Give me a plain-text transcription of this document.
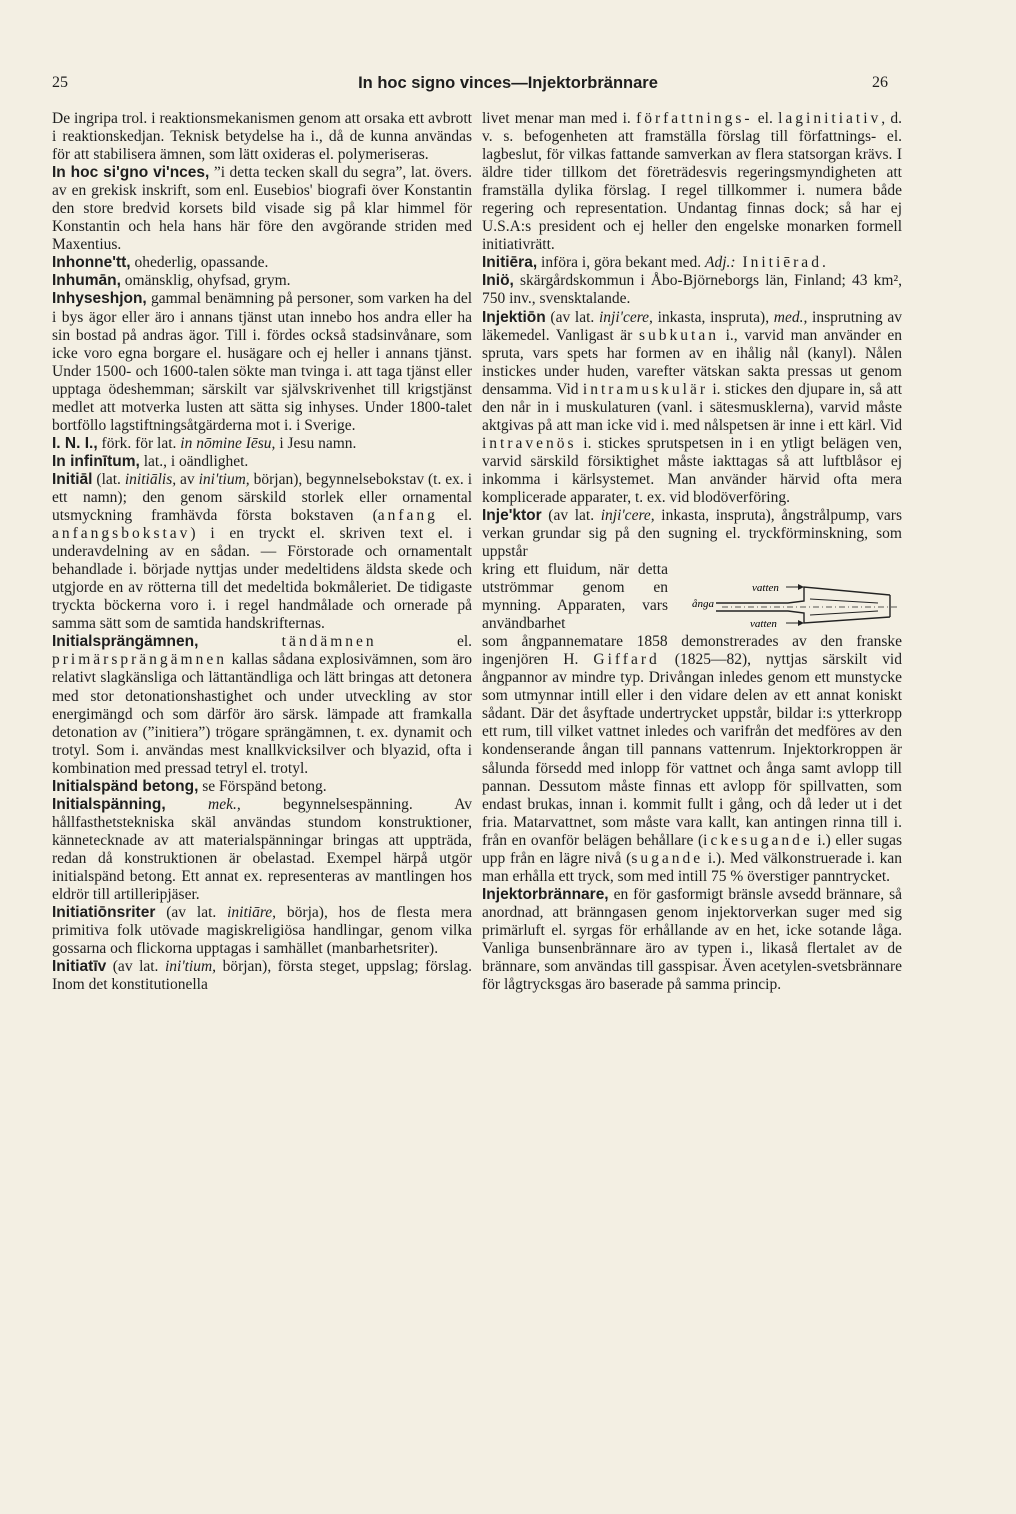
25	In hoc signo vinces—Injektorbrännare	26

De ingripa trol. i reaktionsmekanismen genom att orsaka ett avbrott i reaktionskedjan. Teknisk betydelse ha i., då de kunna användas för att stabilisera ämnen, som lätt oxideras el. polymeriseras.

In hoc si'gno vi'nces, ”i detta tecken skall du segra”, lat. övers. av en grekisk inskrift, som enl. Eusebios' biografi över Konstantin den store bredvid korsets bild visade sig på klar himmel för Konstantin och hela hans här före den avgörande striden med Maxentius.

Inhonne'tt, ohederlig, opassande.

Inhumān, omänsklig, ohyfsad, grym.

Inhyseshjon, gammal benämning på personer, som varken ha del i bys ägor eller äro i annans tjänst utan innebo hos andra eller ha sin bostad på andras ägor. Till i. fördes också stadsinvånare, som icke voro egna borgare el. husägare och ej heller i annans tjänst. Under 1500- och 1600-talen sökte man tvinga i. att taga tjänst eller upptaga ödeshemman; särskilt var självskrivenhet till krigstjänst medlet att motverka lusten att sätta sig inhyses. Under 1800-talet bortföllo lagstiftningsåtgärderna mot i. i Sverige.

I. N. I., förk. för lat. in nōmine Iēsu, i Jesu namn.

In infinītum, lat., i oändlighet.

Initiāl (lat. initiālis, av ini'tium, början), begynnelsebokstav (t. ex. i ett namn); den genom särskild storlek eller ornamental utsmyckning framhävda första bokstaven (anfang el. anfangsbokstav) i en tryckt el. skriven text el. i underavdelning av en sådan. — Förstorade och ornamentalt behandlade i. började nyttjas under medeltidens äldsta skede och utgjorde en av rötterna till det medeltida bokmåleriet. De tidigaste tryckta böckerna voro i. i regel handmålade och ornerade på samma sätt som de samtida handskrifternas.

Initialsprängämnen, tändämnen el. primärsprängämnen kallas sådana explosivämnen, som äro relativt slagkänsliga och lättantändliga och lätt bringas att detonera med stor detonationshastighet och under utveckling av stor energimängd och som därför äro särsk. lämpade att framkalla detonation av (”initiera”) trögare sprängämnen, t. ex. dynamit och trotyl. Som i. användas mest knallkvicksilver och blyazid, ofta i kombination med pressad tetryl el. trotyl.

Initialspänd betong, se Förspänd betong.

Initialspänning, mek., begynnelsespänning. Av hållfasthetstekniska skäl användas stundom konstruktioner, kännetecknade av att materialspänningar bringas att uppträda, redan då konstruktionen är obelastad. Exempel härpå utgör initialspänd betong. Ett annat ex. representeras av mantlingen hos eldrör till artilleripjäser.

Initiatiōnsriter (av lat. initiāre, börja), hos de flesta mera primitiva folk utövade magiskreligiösa handlingar, genom vilka gossarna och flickorna upptagas i samhället (manbarhetsriter).

Initiatīv (av lat. ini'tium, början), första steget, uppslag; förslag. Inom det konstitutionella

livet menar man med i. författnings- el. laginitiativ, d. v. s. befogenheten att framställa förslag till författnings- el. lagbeslut, för vilkas fattande samverkan av flera statsorgan krävs. I äldre tider tillkom det företrädesvis regeringsmyndigheten att framställa dylika förslag. I regel tillkommer i. numera både regering och representation. Undantag finnas dock; så har ej U.S.A:s president och ej heller den engelske monarken formell initiativrätt.

Initiēra, införa i, göra bekant med. Adj.: Initiērad.

Iniö, skärgårdskommun i Åbo-Björneborgs län, Finland; 43 km², 750 inv., svensktalande.

Injektiōn (av lat. inji'cere, inkasta, inspruta), med., insprutning av läkemedel. Vanligast är subkutan i., varvid man använder en spruta, vars spets har formen av en ihålig nål (kanyl). Nålen instickes under huden, varefter vätskan sakta pressas ut genom densamma. Vid intramuskulär i. stickes den djupare in, så att den når in i muskulaturen (vanl. i sätesmusklerna), varvid måste aktgivas på att man icke vid i. med nålspetsen är inne i ett kärl. Vid intravenös i. stickes sprutspetsen in i en ytligt belägen ven, varvid särskild försiktighet måste iakttagas så att luftblåsor ej inkomma i kärlsystemet. Man använder härvid ofta mera komplicerade apparater, t. ex. vid blodöverföring.

Inje'ktor (av lat. inji'cere, inkasta, inspruta), ångstrålpump, vars verkan grundar sig på den sugning el. tryckförminskning, som uppstår

kring ett fluidum, när detta utströmmar genom en mynning. Apparaten, vars användbarhet

ånga
vatten
vatten

som ångpannematare 1858 demonstrerades av den franske ingenjören H. Giffard (1825—82), nyttjas särskilt vid ångpannor av mindre typ. Drivångan inledes genom ett munstycke som utmynnar intill eller i den vidare delen av ett annat koniskt sådant. Där det åsyftade undertrycket uppstår, bildar i:s ytterkropp ett rum, till vilket vattnet inledes och varifrån det medföres av den kondenserande ångan till pannans vattenrum. Injektorkroppen är sålunda försedd med inlopp för vattnet och ånga samt avlopp till pannan. Dessutom måste finnas ett avlopp för spillvatten, som endast brukas, innan i. kommit fullt i gång, och då leder ut i det fria. Matarvattnet, som måste vara kallt, kan antingen rinna till i. från en ovanför belägen behållare (ickesugande i.) eller sugas upp från en lägre nivå (sugande i.). Med välkonstruerade i. kan man erhålla ett tryck, som med intill 75 % överstiger panntrycket.

Injektorbrännare, en för gasformigt bränsle avsedd brännare, så anordnad, att bränngasen genom injektorverkan suger med sig primärluft el. syrgas för erhållande av en het, icke sotande låga. Vanliga bunsenbrännare äro av typen i., likaså flertalet av de brännare, som användas till gasspisar. Även acetylen-svetsbrännare för lågtrycksgas äro baserade på samma princip.
